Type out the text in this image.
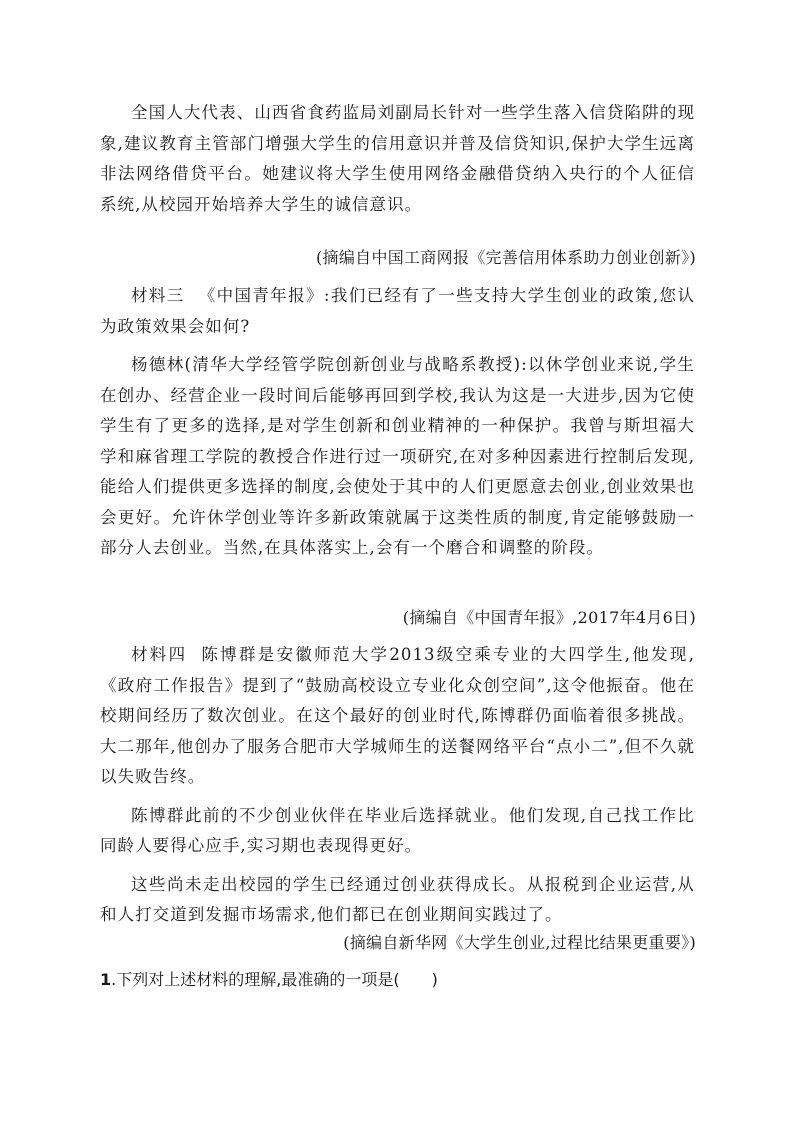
全国人大代表、山西省食药监局刘副局长针对一些学生落入信贷陷阱的现象,建议教育主管部门增强大学生的信用意识并普及信贷知识,保护大学生远离非法网络借贷平台。她建议将大学生使用网络金融借贷纳入央行的个人征信系统,从校园开始培养大学生的诚信意识。

(摘编自中国工商网报《完善信用体系助力创业创新》)

材料三 《中国青年报》:我们已经有了一些支持大学生创业的政策,您认为政策效果会如何?

杨德林(清华大学经管学院创新创业与战略系教授):以休学创业来说,学生在创办、经营企业一段时间后能够再回到学校,我认为这是一大进步,因为它使学生有了更多的选择,是对学生创新和创业精神的一种保护。我曾与斯坦福大学和麻省理工学院的教授合作进行过一项研究,在对多种因素进行控制后发现,能给人们提供更多选择的制度,会使处于其中的人们更愿意去创业,创业效果也会更好。允许休学创业等许多新政策就属于这类性质的制度,肯定能够鼓励一部分人去创业。当然,在具体落实上,会有一个磨合和调整的阶段。

(摘编自《中国青年报》,2017年4月6日)

材料四 陈博群是安徽师范大学2013级空乘专业的大四学生,他发现,《政府工作报告》提到了“鼓励高校设立专业化众创空间”,这令他振奋。他在校期间经历了数次创业。在这个最好的创业时代,陈博群仍面临着很多挑战。大二那年,他创办了服务合肥市大学城师生的送餐网络平台“点小二”,但不久就以失败告终。

陈博群此前的不少创业伙伴在毕业后选择就业。他们发现,自己找工作比同龄人要得心应手,实习期也表现得更好。

这些尚未走出校园的学生已经通过创业获得成长。从报税到企业运营,从和人打交道到发掘市场需求,他们都已在创业期间实践过了。

(摘编自新华网《大学生创业,过程比结果更重要》)
1.下列对上述材料的理解,最准确的一项是(　　 )
